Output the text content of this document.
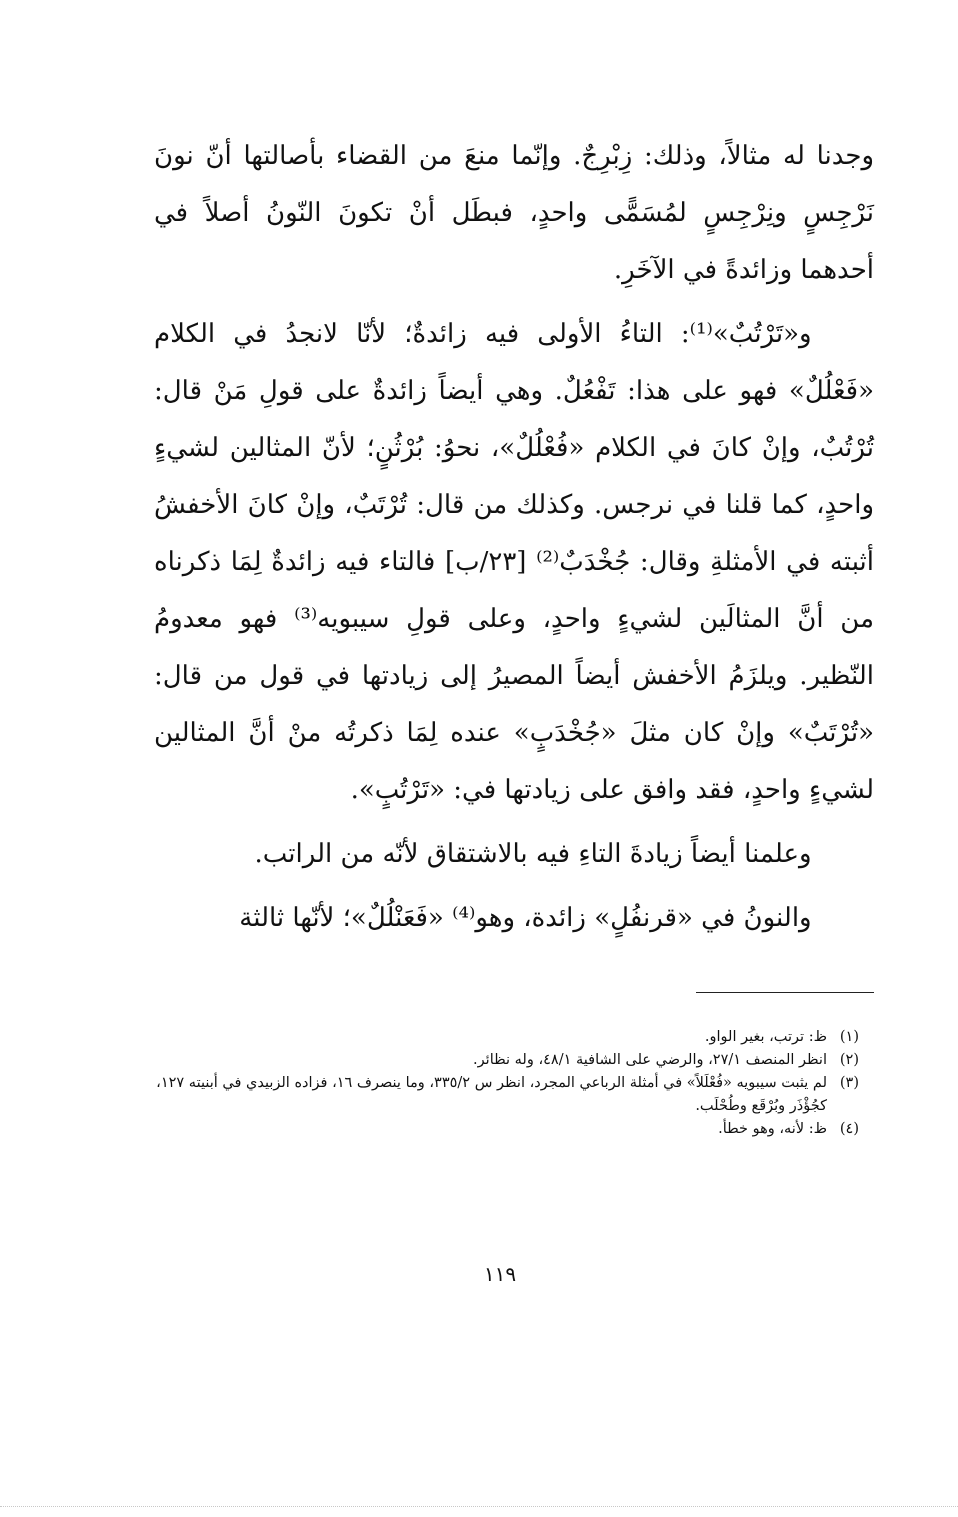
وجدنا له مثالاً، وذلك: زِبْرِجٌ. وإنّما منعَ من القضاء بأصالتها أنّ نونَ نَرْجِسٍ ونِرْجِسٍ لمُسَمًّى واحدٍ، فبطَل أنْ تكونَ النّونُ أصلاً في أحدهما وزائدةً في الآخَرِ.

و«تَرْتُبٌ»⁽¹⁾: التاءُ الأولى فيه زائدةٌ؛ لأنّا لانجدُ في الكلام «فَعْلُلٌ» فهو على هذا: تَفْعُلٌ. وهي أيضاً زائدةٌ على قولِ مَنْ قال: تُرْتُبٌ، وإنْ كانَ في الكلام «فُعْلُلٌ»، نحوُ: بُرْثُنٍ؛ لأنّ المثالين لشيءٍ واحدٍ، كما قلنا في نرجس. وكذلك من قال: تُرْتَبٌ، وإنْ كانَ الأخفشُ أثبته في الأمثلةِ وقال: جُخْدَبٌ⁽²⁾ [٢٣/ب] فالتاء فيه زائدةٌ لِمَا ذكرناه من أنَّ المثالَين لشيءٍ واحدٍ، وعلى قولِ سيبويه⁽³⁾ فهو معدومُ النّظير. ويلزَمُ الأخفش أيضاً المصيرُ إلى زيادتها في قول من قال: «تُرْتَبٌ» وإنْ كان مثلَ «جُخْدَبٍ» عنده لِمَا ذكرتُه منْ أنَّ المثالين لشيءٍ واحدٍ، فقد وافق على زيادتها في: «تَرْتُبٍ».

وعلمنا أيضاً زيادةَ التاءِ فيه بالاشتقاق لأنّه من الراتب.

والنونُ في «قرنفُلٍ» زائدة، وهو⁽⁴⁾ «فَعَنْلُلٌ»؛ لأنّها ثالثة

(١)
ظ: ترتب، بغير الواو.
(٢)
انظر المنصف ٢٧/١، والرضي على الشافية ٤٨/١، وله نظائر.
(٣)
لم يثبت سيبويه «فُعْلَلاً» في أمثلة الرباعي المجرد، انظر س ٣٣٥/٢، وما ينصرف ١٦، فزاده الزبيدي في أبنيته ١٢٧، كجُؤْذَر وبُرْقَع وطُحْلَب.
(٤)
ظ: لأنه، وهو خطأ.
١١٩
